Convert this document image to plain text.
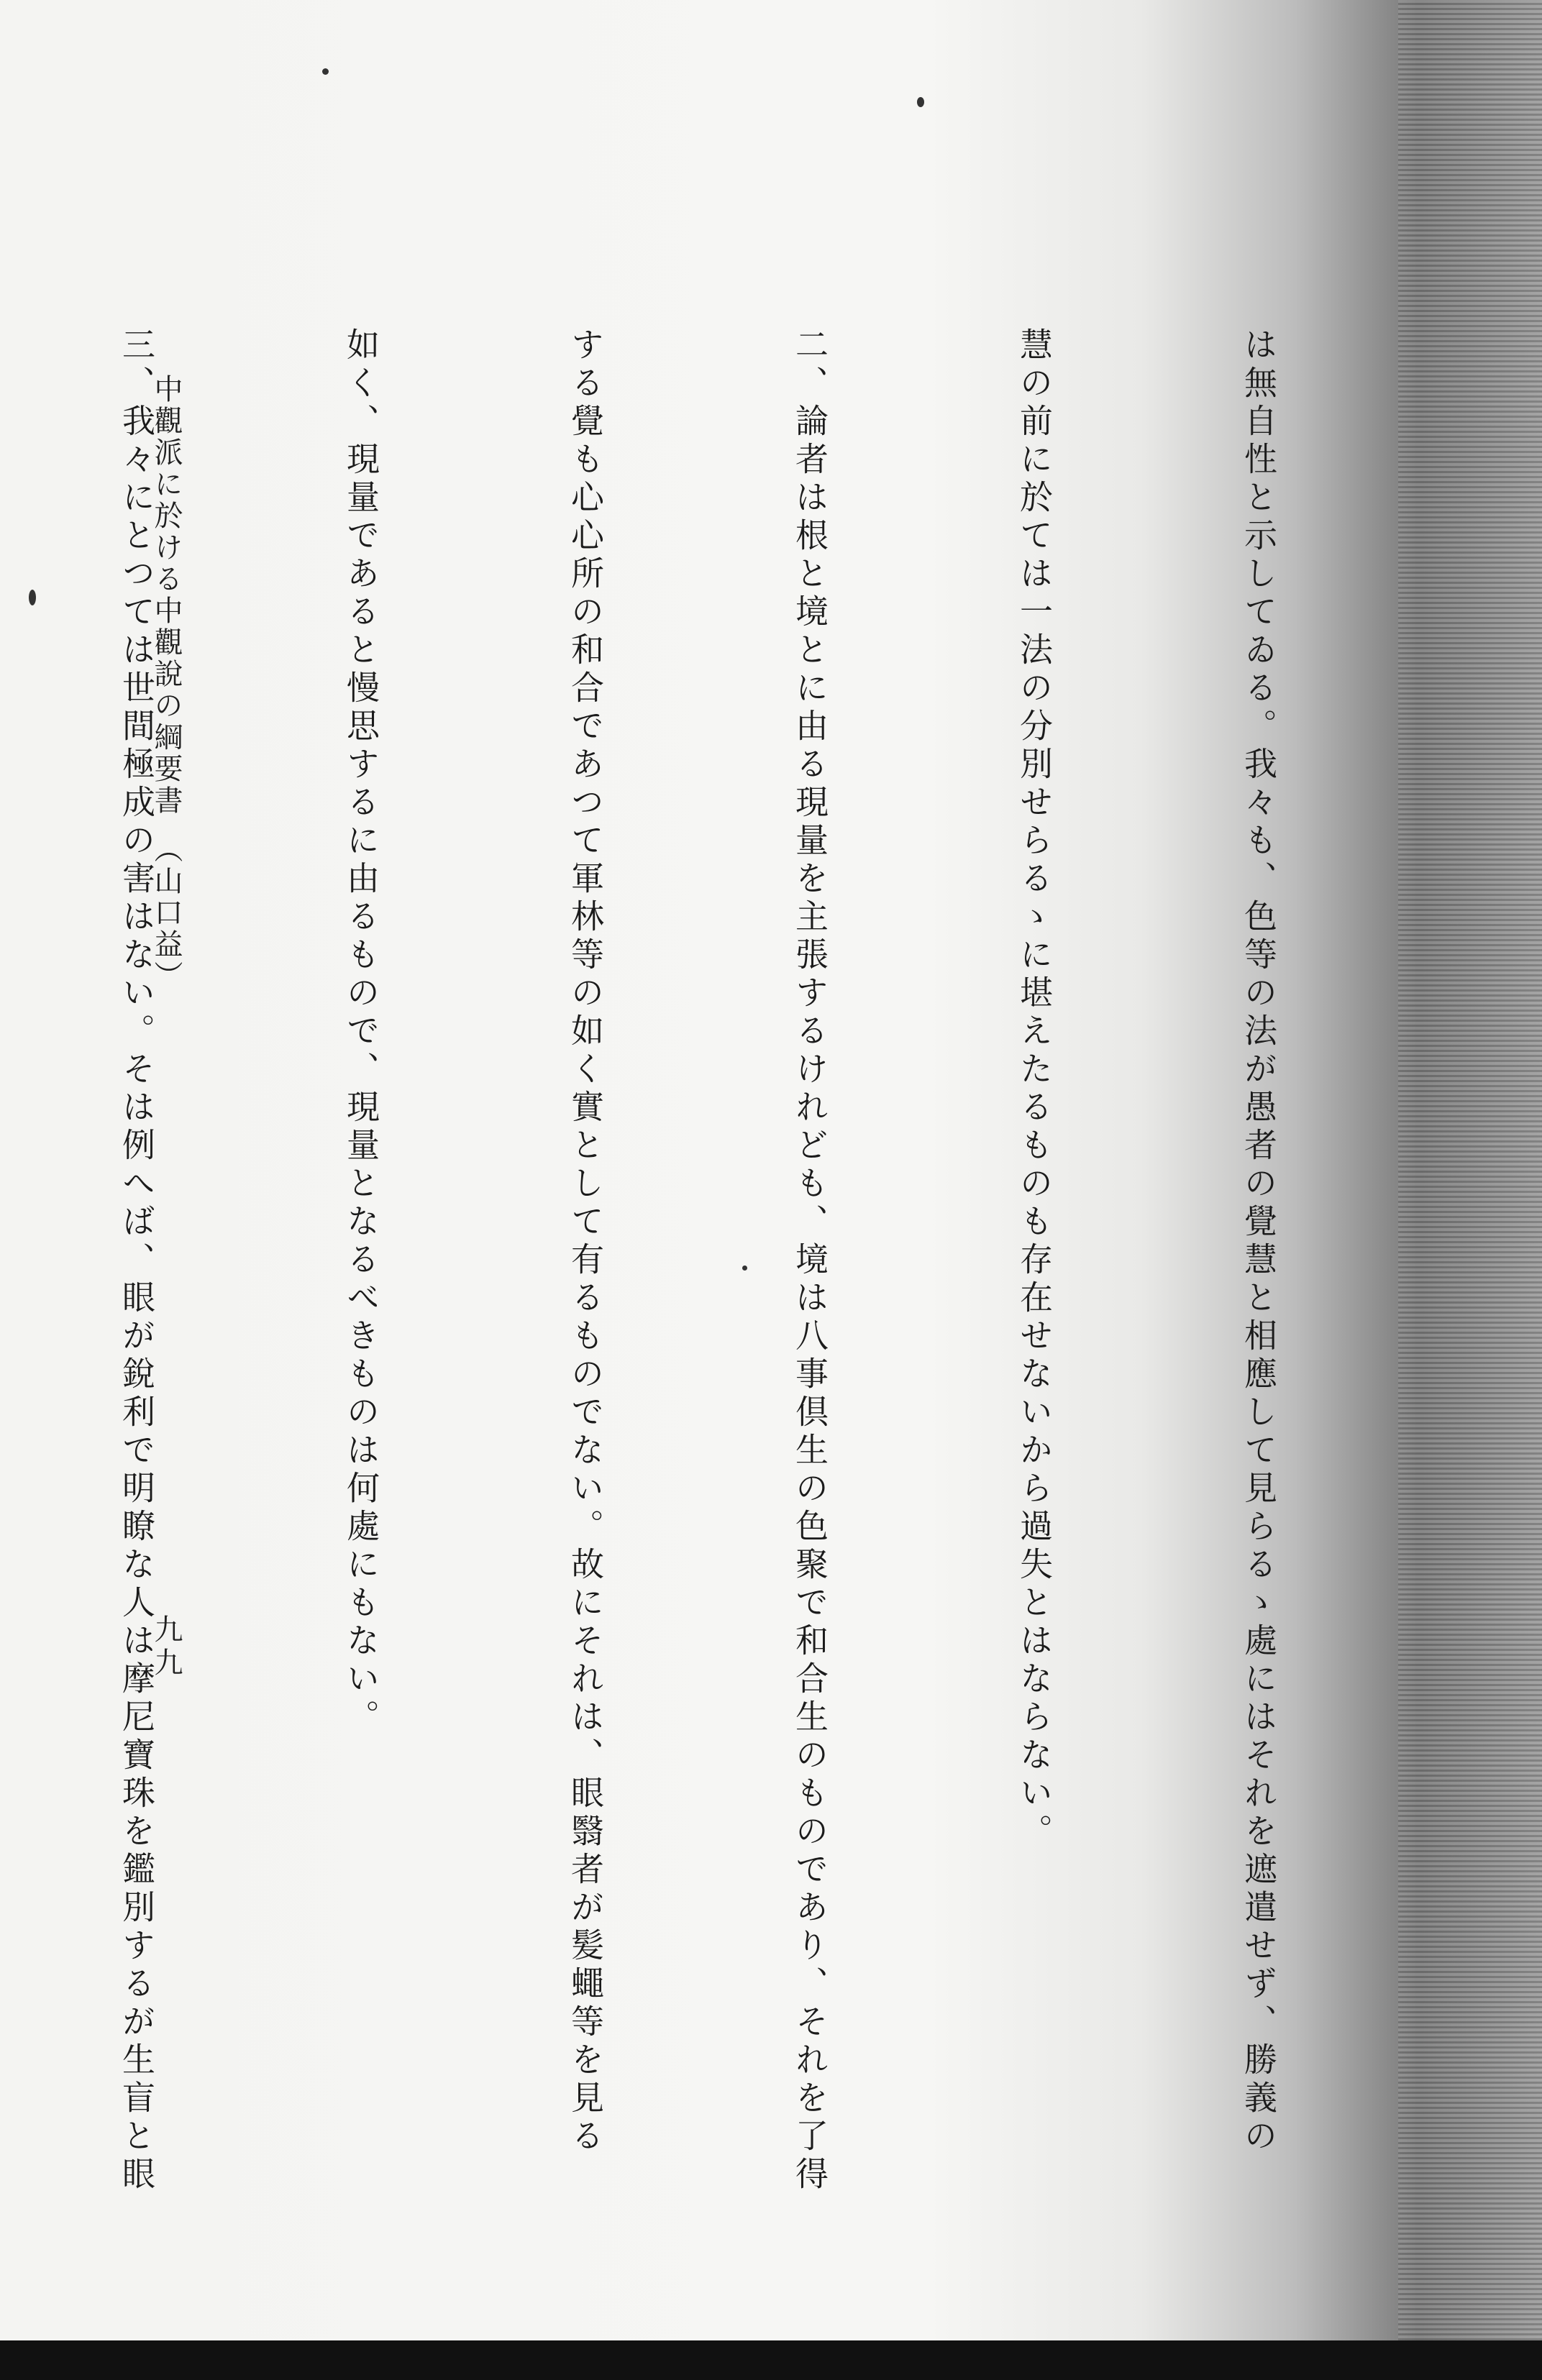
は無自性と示してゐる。我々も、色等の法が愚者の覺慧と相應して見らるゝ處にはそれを遮遣せず、勝義の

慧の前に於ては一法の分別せらるゝに堪えたるものも存在せないから過失とはならない。

二、論者は根と境とに由る現量を主張するけれども、境は八事倶生の色聚で和合生のものであり、それを了得

する覺も心心所の和合であつて軍林等の如く實として有るものでない。故にそれは、眼翳者が髪蠅等を見る

如く、現量であると慢思するに由るもので、現量となるべきものは何處にもない。

三、我々にとつては世間極成の害はない。そは例へば、眼が銳利で明瞭な人は摩尼寶珠を鑑別するが生盲と眼

中觀派に於ける中觀說の綱要書　（山口益）
九九
